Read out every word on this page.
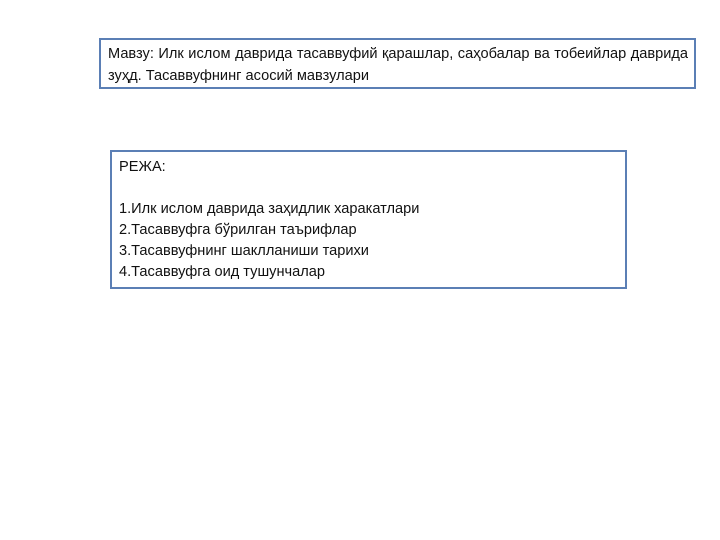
Мавзу: Илк ислом даврида тасаввуфий қарашлар, саҳобалар ва тобеийлар даврида зуҳд. Тасаввуфнинг асосий мавзулари
РЕЖА:
1.Илк ислом даврида заҳидлик харакатлари
2.Тасаввуфга бўрилган таърифлар
3.Тасаввуфнинг шаклланиши тарихи
4.Тасаввуфга оид тушунчалар
